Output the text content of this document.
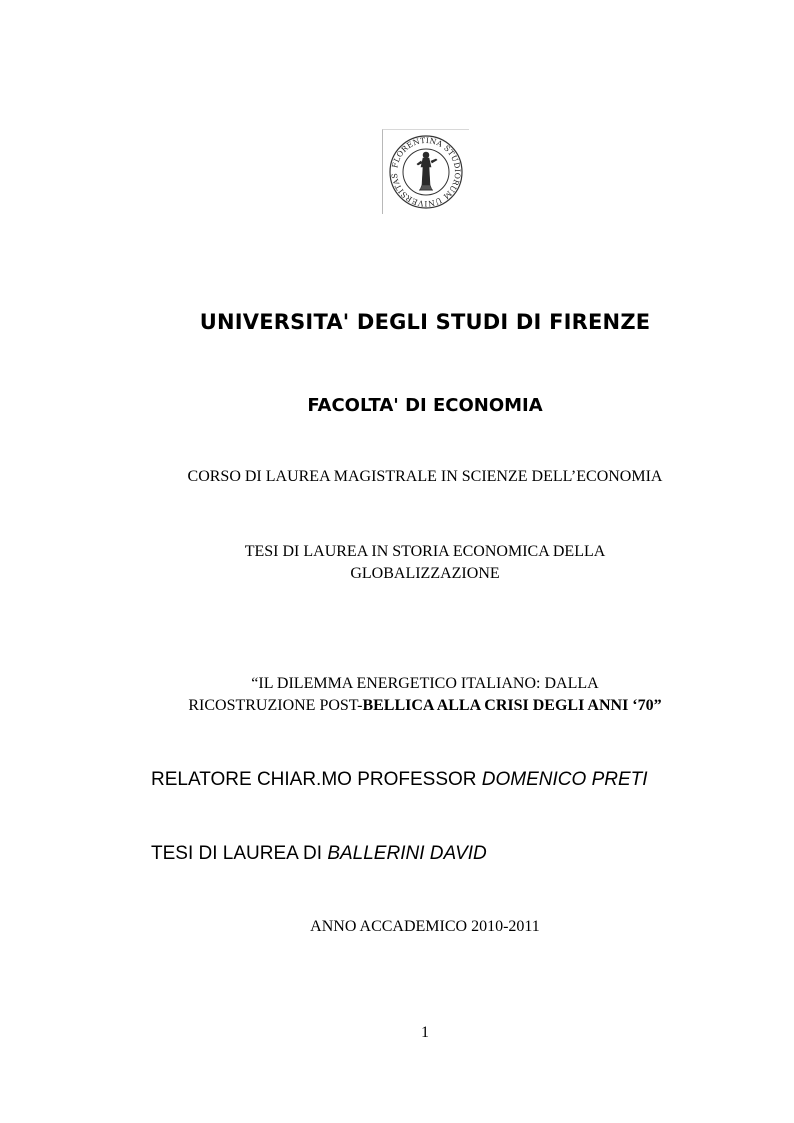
FLORENTINA STUDIORUM UNIVERSITAS
UNIVERSITA' DEGLI STUDI DI FIRENZE
FACOLTA' DI ECONOMIA
CORSO DI LAUREA MAGISTRALE IN SCIENZE DELL’ECONOMIA
TESI DI LAUREA IN STORIA ECONOMICA DELLA
GLOBALIZZAZIONE
“IL DILEMMA ENERGETICO ITALIANO: DALLA
RICOSTRUZIONE POST-BELLICA ALLA CRISI DEGLI ANNI ‘70”
RELATORE CHIAR.MO PROFESSOR DOMENICO PRETI
TESI DI LAUREA DI BALLERINI DAVID
ANNO ACCADEMICO 2010-2011
1
